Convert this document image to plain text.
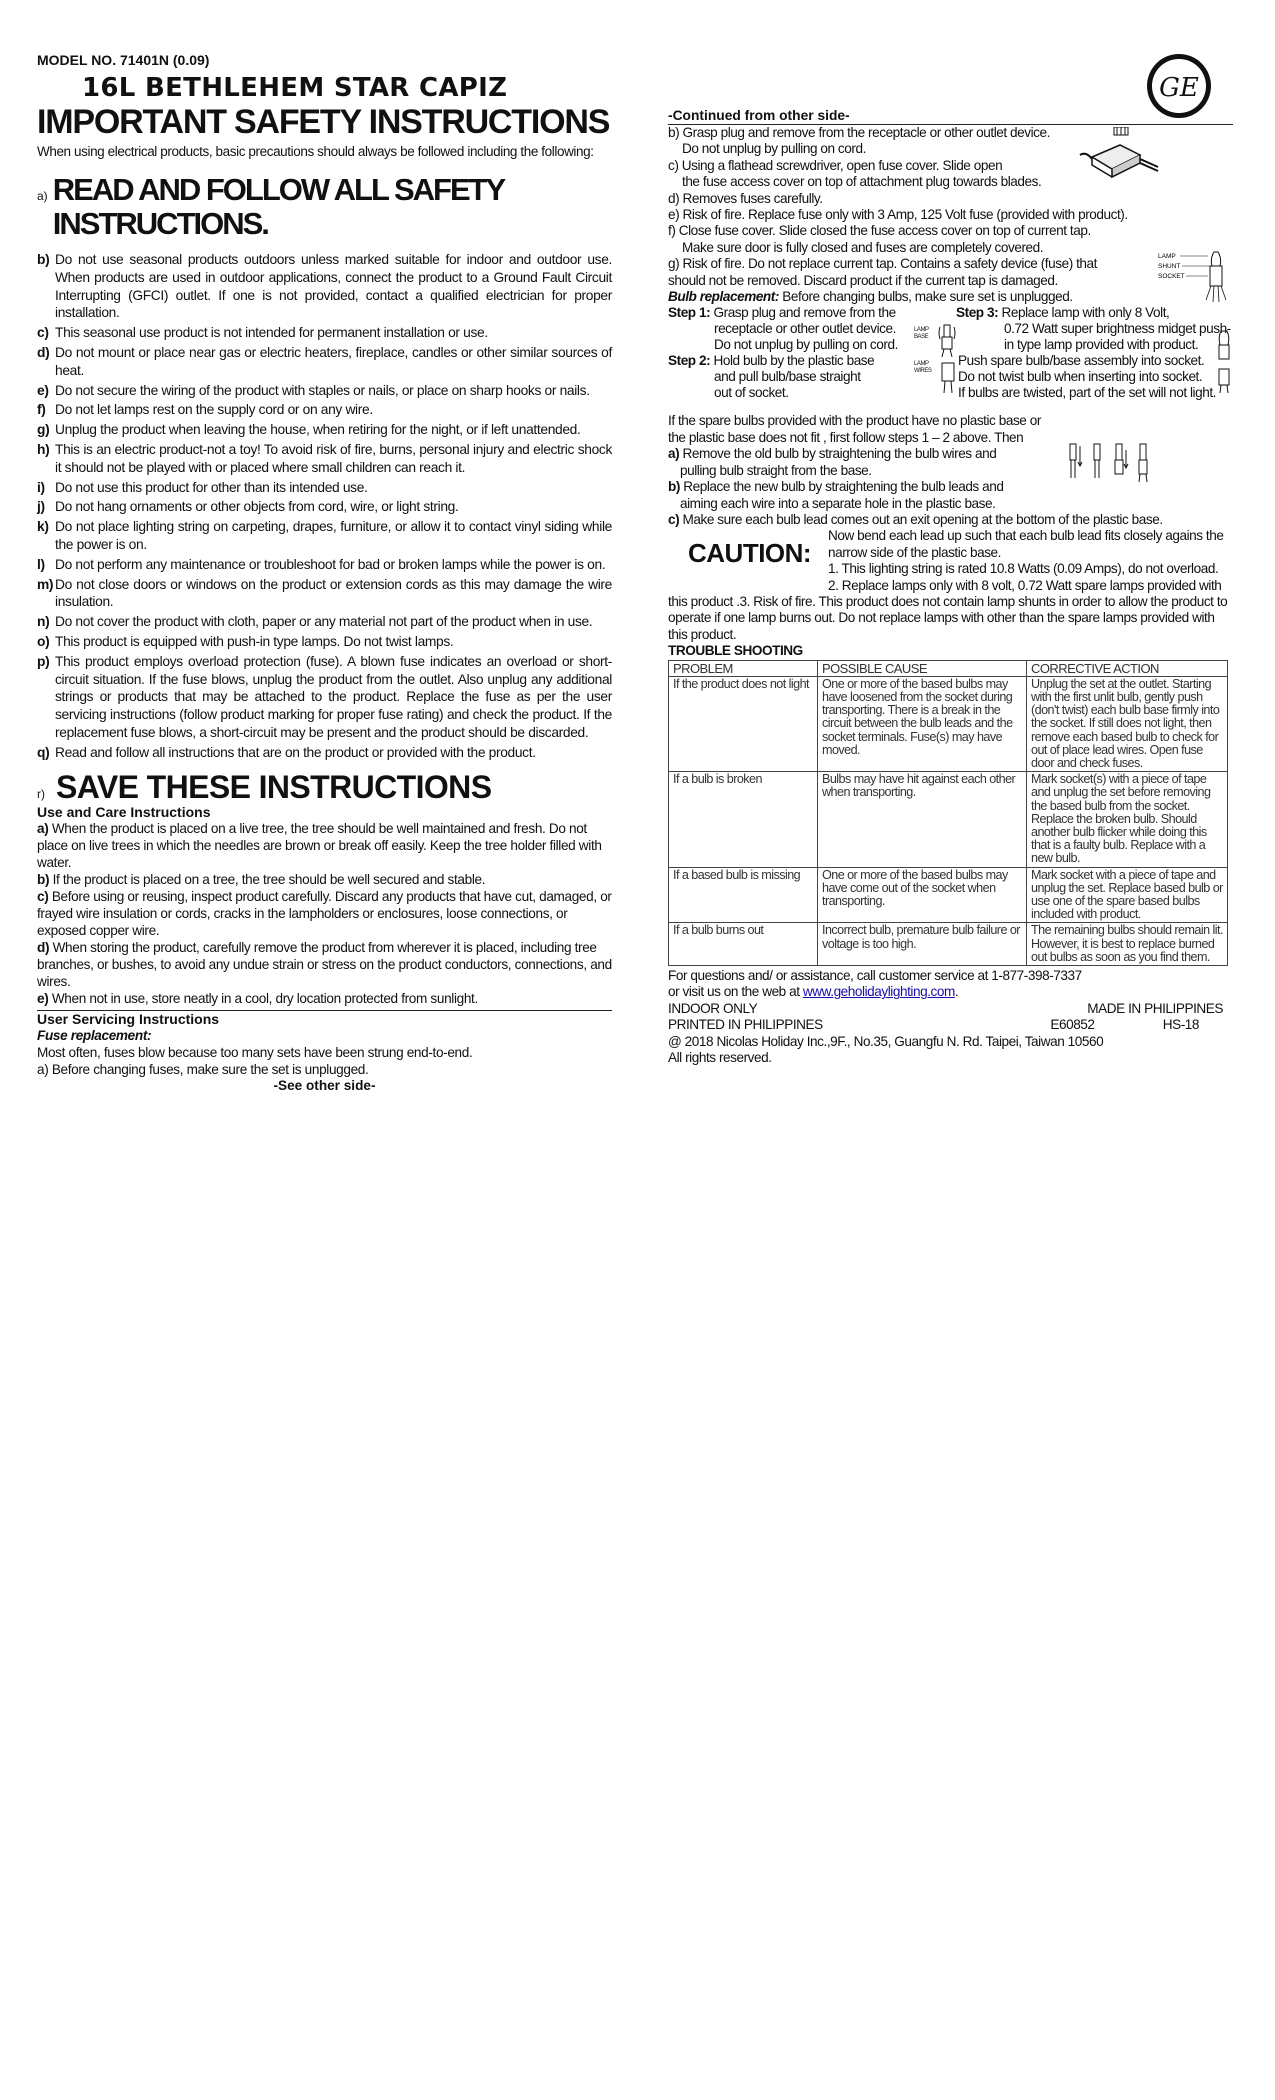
GE
MODEL NO. 71401N (0.09)
16L BETHLEHEM STAR CAPIZ
IMPORTANT SAFETY INSTRUCTIONS
When using electrical products, basic precautions should always be followed including the following:
a) READ AND FOLLOW ALL SAFETY INSTRUCTIONS.
b) Do not use seasonal products outdoors unless marked suitable for indoor and outdoor use. When products are used in outdoor applications, connect the product to a Ground Fault Circuit Interrupting (GFCI) outlet. If one is not provided, contact a qualified electrician for proper installation.
c) This seasonal use product is not intended for permanent installation or use.
d) Do not mount or place near gas or electric heaters, fireplace, candles or other similar sources of heat.
e) Do not secure the wiring of the product with staples or nails, or place on sharp hooks or nails.
f) Do not let lamps rest on the supply cord or on any wire.
g) Unplug the product when leaving the house, when retiring for the night, or if left unattended.
h) This is an electric product-not a toy! To avoid risk of fire, burns, personal injury and electric shock it should not be played with or placed where small children can reach it.
i) Do not use this product for other than its intended use.
j) Do not hang ornaments or other objects from cord, wire, or light string.
k) Do not place lighting string on carpeting, drapes, furniture, or allow it to contact vinyl siding while the power is on.
l) Do not perform any maintenance or troubleshoot for bad or broken lamps while the power is on.
m) Do not close doors or windows on the product or extension cords as this may damage the wire insulation.
n) Do not cover the product with cloth, paper or any material not part of the product when in use.
o) This product is equipped with push-in type lamps. Do not twist lamps.
p) This product employs overload protection (fuse). A blown fuse indicates an overload or short-circuit situation. If the fuse blows, unplug the product from the outlet. Also unplug any additional strings or products that may be attached to the product. Replace the fuse as per the user servicing instructions (follow product marking for proper fuse rating) and check the product. If the replacement fuse blows, a short-circuit may be present and the product should be discarded.
q) Read and follow all instructions that are on the product or provided with the product.
r) SAVE THESE INSTRUCTIONS
Use and Care Instructions
a) When the product is placed on a live tree, the tree should be well maintained and fresh. Do not place on live trees in which the needles are brown or break off easily. Keep the tree holder filled with water.
b) If the product is placed on a tree, the tree should be well secured and stable.
c) Before using or reusing, inspect product carefully. Discard any products that have cut, damaged, or frayed wire insulation or cords, cracks in the lampholders or enclosures, loose connections, or exposed copper wire.
d) When storing the product, carefully remove the product from wherever it is placed, including tree branches, or bushes, to avoid any undue strain or stress on the product conductors, connections, and wires.
e) When not in use, store neatly in a cool, dry location protected from sunlight.
User Servicing Instructions
Fuse replacement:
Most often, fuses blow because too many sets have been strung end-to-end.
a) Before changing fuses, make sure the set is unplugged.
-See other side-
-Continued from other side-
b) Grasp plug and remove from the receptacle or other outlet device.
Do not unplug by pulling on cord.
c) Using a flathead screwdriver, open fuse cover. Slide open
the fuse access cover on top of attachment plug towards blades.
d) Removes fuses carefully.
e) Risk of fire. Replace fuse only with 3 Amp, 125 Volt fuse (provided with product).
f) Close fuse cover. Slide closed the fuse access cover on top of current tap.
Make sure door is fully closed and fuses are completely covered.
g) Risk of fire. Do not replace current tap. Contains a safety device (fuse) that
should not be removed. Discard product if the current tap is damaged.
LAMP
SHUNT
SOCKET
Bulb replacement: Before changing bulbs, make sure set is unplugged.
Step 1: Grasp plug and remove from the
receptacle or other outlet device.
Do not unplug by pulling on cord.
Step 2: Hold bulb by the plastic base
and pull bulb/base straight
out of socket.
LAMP BASE
LAMP WIRES
Step 3: Replace lamp with only 8 Volt,
0.72 Watt super brightness midget push-
in type lamp provided with product.
Push spare bulb/base assembly into socket.
Do not twist bulb when inserting into socket.
If bulbs are twisted, part of the set will not light.
If the spare bulbs provided with the product have no plastic base or
the plastic base does not fit , first follow steps 1 – 2 above. Then
a) Remove the old bulb by straightening the bulb wires and
pulling bulb straight from the base.
b) Replace the new bulb by straightening the bulb leads and
aiming each wire into a separate hole in the plastic base.
c) Make sure each bulb lead comes out an exit opening at the bottom of the plastic base.
CAUTION:
Now bend each lead up such that each bulb lead fits closely agains the narrow side of the plastic base.
1. This lighting string is rated 10.8 Watts (0.09 Amps), do not overload.
2. Replace lamps only with 8 volt, 0.72 Watt spare lamps provided with
this product .3. Risk of fire. This product does not contain lamp shunts in order to allow the product to operate if one lamp burns out. Do not replace lamps with other than the spare lamps provided with this product.
TROUBLE SHOOTING
PROBLEM	POSSIBLE CAUSE	CORRECTIVE ACTION
If the product does not light	One or more of the based bulbs may have loosened from the socket during transporting. There is a break in the circuit between the bulb leads and the socket terminals. Fuse(s) may have moved.	Unplug the set at the outlet. Starting with the first unlit bulb, gently push (don't twist) each bulb base firmly into the socket. If still does not light, then remove each based bulb to check for out of place lead wires. Open fuse door and check fuses.
If a bulb is broken	Bulbs may have hit against each other when transporting.	Mark socket(s) with a piece of tape and unplug the set before removing the based bulb from the socket. Replace the broken bulb. Should another bulb flicker while doing this that is a faulty bulb. Replace with a new bulb.
If a based bulb is missing	One or more of the based bulbs may have come out of the socket when transporting.	Mark socket with a piece of tape and unplug the set. Replace based bulb or use one of the spare based bulbs included with product.
If a bulb burns out	Incorrect bulb, premature bulb failure or voltage is too high.	The remaining bulbs should remain lit. However, it is best to replace burned out bulbs as soon as you find them.
For questions and/ or assistance, call customer service at 1-877-398-7337
or visit us on the web at www.geholidaylighting.com.
INDOOR ONLY	MADE IN PHILIPPINES
PRINTED IN PHILIPPINES	E60852	HS-18
@ 2018 Nicolas Holiday Inc.,9F., No.35, Guangfu N. Rd. Taipei, Taiwan 10560
All rights reserved.
